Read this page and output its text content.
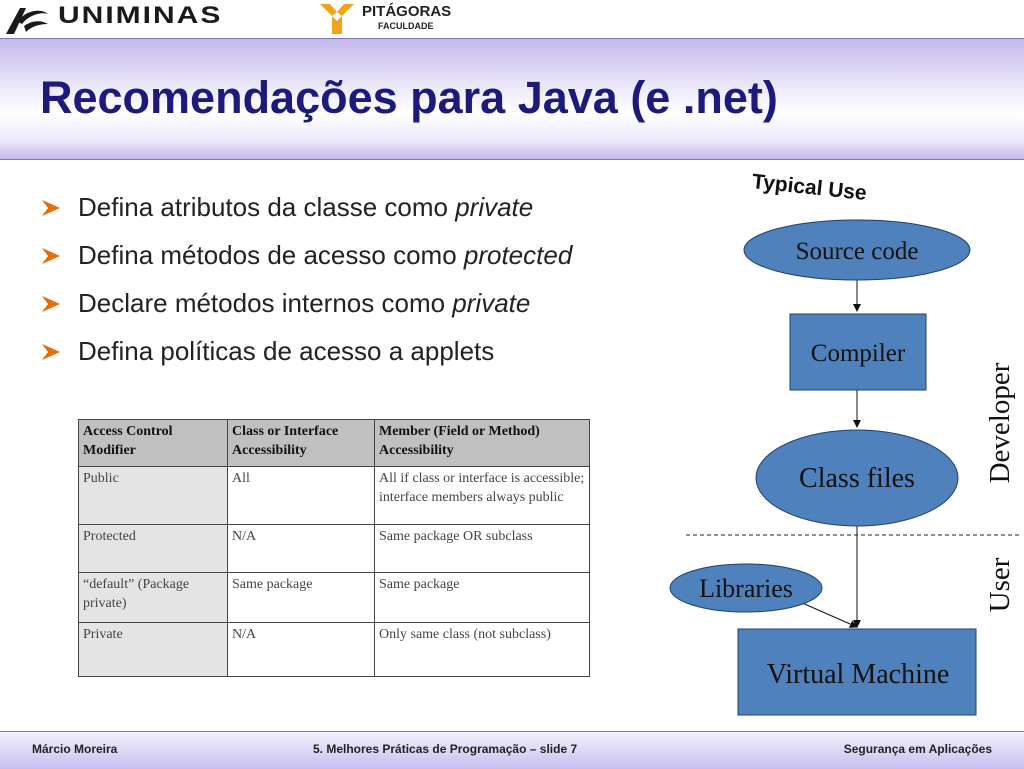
UNIMINAS	PITÁGORAS
FACULDADE
Recomendações para Java (e .net)
Defina atributos da classe como private
Defina métodos de acesso como protected
Declare métodos internos como private
Defina políticas de acesso a applets
Access Control Modifier	Class or Interface Accessibility	Member (Field or Method) Accessibility
Public	All	All if class or interface is accessible; interface members always public
Protected	N/A	Same package OR subclass
“default” (Package private)	Same package	Same package
Private	N/A	Only same class (not subclass)
Typical Use
Source code
Compiler
Class files
Libraries
Virtual Machine
Developer
User
Márcio Moreira	5. Melhores Práticas de Programação – slide 7	Segurança em Aplicações
